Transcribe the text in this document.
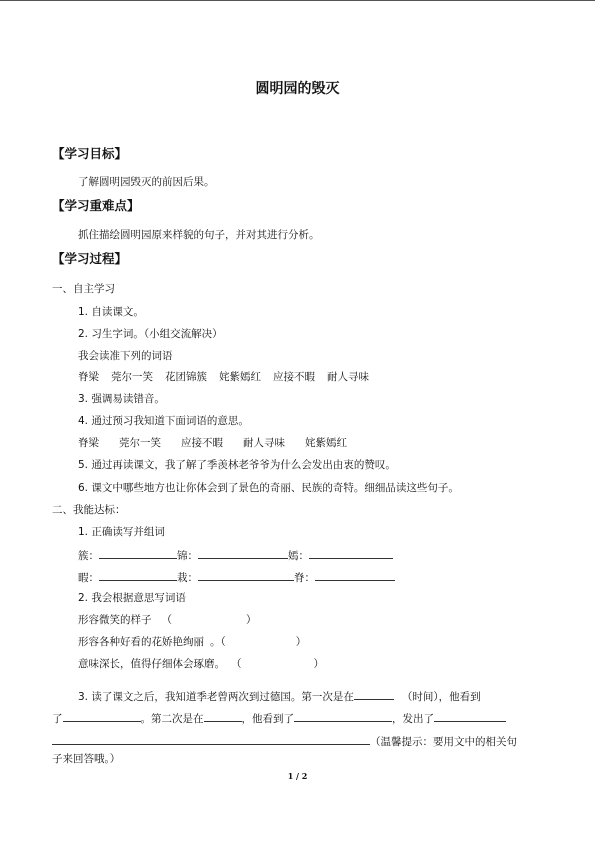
圆明园的毁灭
【学习目标】
了解圆明园毁灭的前因后果。
【学习重难点】
抓住描绘圆明园原来样貌的句子，并对其进行分析。
【学习过程】
一、自主学习
1. 自读课文。
2. 习生字词。（小组交流解决）
我会读准下列的词语
脊梁 莞尔一笑 花团锦簇 姹紫嫣红 应接不暇 耐人寻味
3. 强调易读错音。
4. 通过预习我知道下面词语的意思。
脊梁 莞尔一笑 应接不暇 耐人寻味 姹紫嫣红
5. 通过再读课文，我了解了季羡林老爷爷为什么会发出由衷的赞叹。
6. 课文中哪些地方也让你体会到了景色的奇丽、民族的奇特。细细品读这些句子。
二、我能达标：
1. 正确读写并组词
簇：	锦：	嫣：
暇：	栽：	脊：
2. 我会根据意思写词语
形容微笑的样子 （	）
形容各种好看的花娇艳绚丽 。（	）
意味深长，值得仔细体会琢磨。 （	）
3. 读了课文之后，我知道季老曾两次到过德国。第一次是在	（时间），他看到
了	。第二次是在	，他看到了	，发出了
（温馨提示：要用文中的相关句
子来回答哦。）
1 / 2
